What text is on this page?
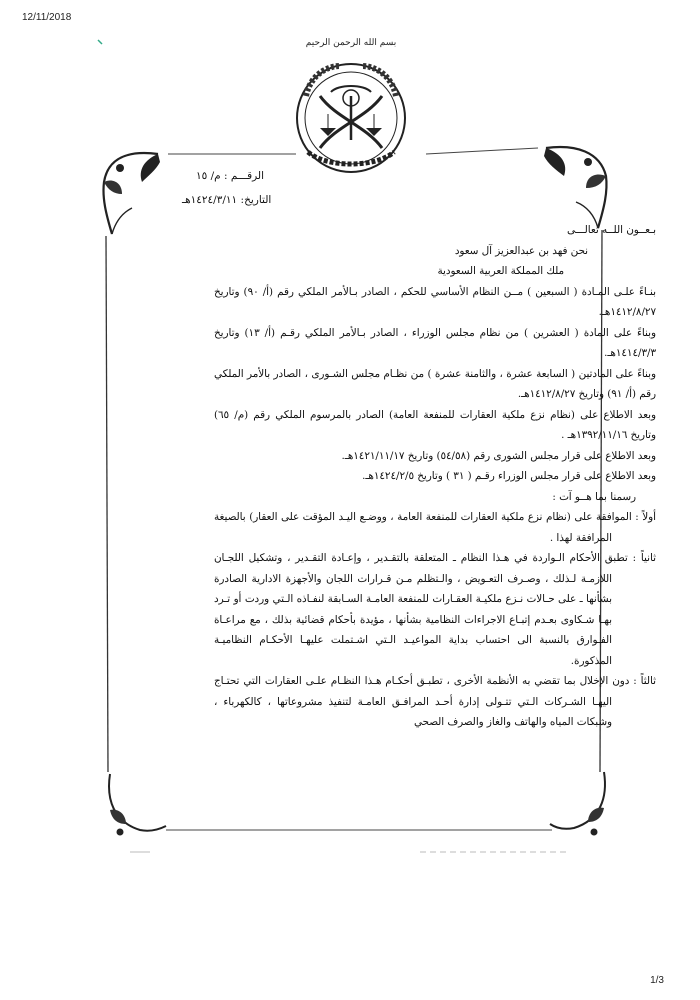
12/11/2018
بسم الله الرحمن الرحيم
الرقـــم : م/ ١٥
التاريخ: ١٤٢٤/٣/١١هـ

بـعــون اللــه تعالـــى

نحن فهد بن عبدالعزيز آل سعود

ملك المملكة العربية السعودية

بنـاءً علـى المـادة ( السبعين ) مــن النظام الأساسي للحكم ، الصادر بـالأمر الملكي رقم (أ/ ٩٠) وتاريخ ١٤١٢/٨/٢٧هـ.

وبناءً على المادة ( العشرين ) من نظام مجلس الوزراء ، الصادر بـالأمر الملكي رقـم (أ/ ١٣) وتاريخ ١٤١٤/٣/٣هـ.

وبناءً على المادتين ( السابعة عشرة ، والثامنة عشرة ) من نظـام مجلس الشـورى ، الصادر بالأمر الملكي رقم (أ/ ٩١) وتاريخ ١٤١٢/٨/٢٧هـ.

وبعد الاطلاع على (نظام نزع ملكية العقارات للمنفعة العامة) الصادر بالمرسوم الملكي رقم (م/ ٦٥) وتاريخ ١٣٩٢/١١/١٦هـ .

وبعد الاطلاع على قرار مجلس الشورى رقم (٥٤/٥٨) وتاريخ ١٤٢١/١١/١٧هـ.

وبعد الاطلاع على قرار مجلس الوزراء رقـم ( ٣١ ) وتاريخ ١٤٢٤/٢/٥هـ.

رسمنا بما هــو آت :

أولاً : الموافقة على (نظام نزع ملكية العقارات للمنفعة العامة ، ووضـع اليـد المؤقت على العقار) بالصيغة المرافقة لهذا .

ثانياً : تطبق الأحكام الـواردة في هـذا النظام ـ المتعلقة بالتقـدير ، وإعـادة التقـدير ، وتشكيل اللجـان اللازمـة لـذلك ، وصـرف التعـويض ، والـتظلم مـن قـرارات اللجان والأجهزة الادارية الصادرة بشأنها ـ على حـالات نـزع ملكيـة العقـارات للمنفعة العامـة السـابقة لنفـاذه الـتي وردت أو تـرد بهـا شـكاوى بعـدم إتبـاع الاجراءات النظامية بشأنها ، مؤيدة بأحكام قضائية بذلك ، مع مراعـاة الفـوارق بالنسبة الى احتساب بداية المواعيـد الـتي اشـتملت عليهـا الأحكـام النظاميـة المذكورة.

ثالثاً : دون الإخلال بما تقضي به الأنظمة الأخرى ، تطبـق أحكـام هـذا النظـام علـى العقارات التي تحتـاج اليهـا الشـركات الـتي تتـولى إدارة أحـد المرافـق العامـة لتنفيذ مشروعاتها ، كالكهرباء ، وشبكات المياه والهاتف والغاز والصرف الصحي

1/3
